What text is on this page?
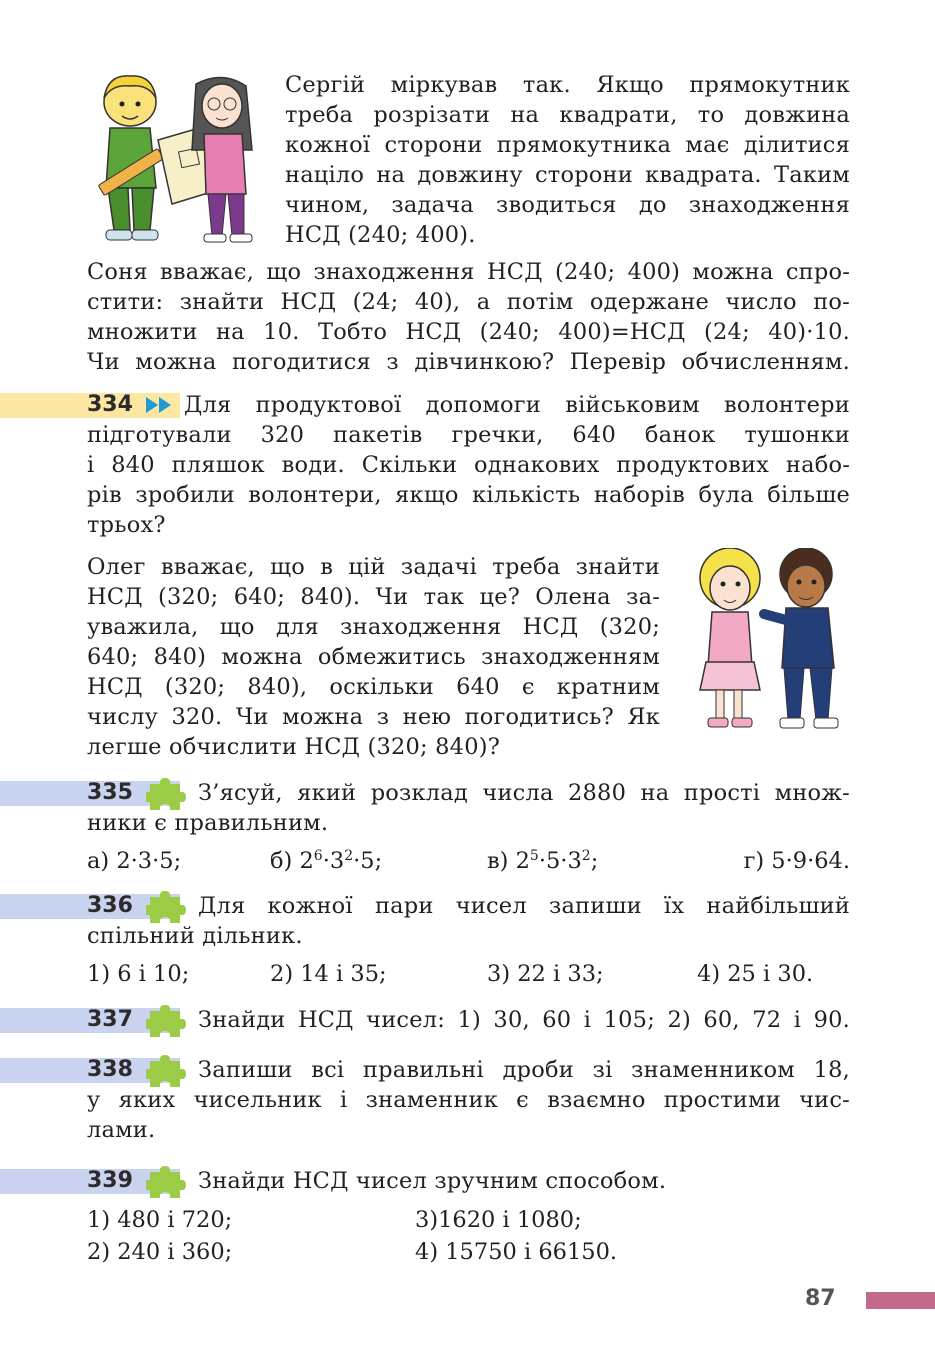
Сергій міркував так. Якщо прямокутник
треба розрізати на квадрати, то довжина
кожної сторони прямокутника має ділитися
націло на довжину сторони квадрата. Таким
чином, задача зводиться до знаходження
НСД (240; 400).
Соня вважає, що знаходження НСД (240; 400) можна спро-
стити: знайти НСД (24; 40), а потім одержане число по-
множити на 10. Тобто НСД (240; 400)=НСД (24; 40)·10.
Чи можна погодитися з дівчинкою? Перевір обчисленням.
334	Для продуктової допомоги військовим волонтери
підготували 320 пакетів гречки, 640 банок тушонки
і 840 пляшок води. Скільки однакових продуктових набо-
рів зробили волонтери, якщо кількість наборів була більше
трьох?
Олег вважає, що в цій задачі треба знайти
НСД (320; 640; 840). Чи так це? Олена за-
уважила, що для знаходження НСД (320;
640; 840) можна обмежитись знаходженням
НСД (320; 840), оскільки 640 є кратним
числу 320. Чи можна з нею погодитись? Як
легше обчислити НСД (320; 840)?
335	З’ясуй, який розклад числа 2880 на прості множ-
ники є правильним.
а) 2·3·5;	б) $2^6\cdot 3^2\cdot 5$;	в) $2^5\cdot 5\cdot 3^2$;	г) 5·9·64.
336	Для кожної пари чисел запиши їх найбільший
спільний дільник.
1) 6 і 10;	2) 14 і 35;	3) 22 і 33;	4) 25 і 30.
337	Знайди НСД чисел: 1) 30, 60 і 105; 2) 60, 72 і 90.
338	Запиши всі правильні дроби зі знаменником 18,
у яких чисельник і знаменник є взаємно простими чис-
лами.
339	Знайди НСД чисел зручним способом.
1) 480 і 720;	3)1620 і 1080;
2) 240 і 360;	4) 15750 і 66150.
87
